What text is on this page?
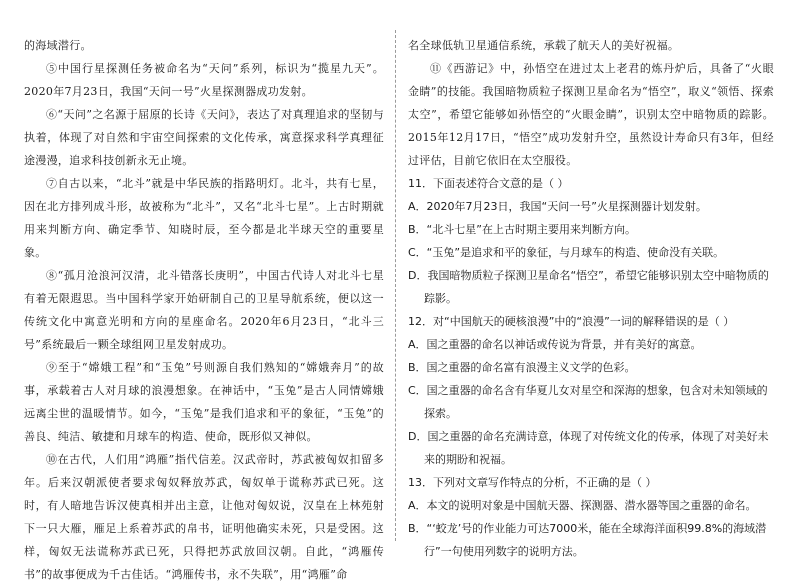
的海域潜行。

⑤中国行星探测任务被命名为“天问”系列，标识为“揽星九天”。2020年7月23日，我国“天问一号”火星探测器成功发射。

⑥“天问”之名源于屈原的长诗《天问》，表达了对真理追求的坚韧与执着，体现了对自然和宇宙空间探索的文化传承，寓意探求科学真理征途漫漫，追求科技创新永无止境。

⑦自古以来，“北斗”就是中华民族的指路明灯。北斗，共有七星，因在北方排列成斗形，故被称为“北斗”，又名“北斗七星”。上古时期就用来判断方向、确定季节、知晓时辰，至今都是北半球天空的重要星象。

⑧“孤月沧浪河汉清，北斗错落长庚明”，中国古代诗人对北斗七星有着无限遐思。当中国科学家开始研制自己的卫星导航系统，便以这一传统文化中寓意光明和方向的星座命名。2020年6月23日，“北斗三号”系统最后一颗全球组网卫星发射成功。

⑨至于“嫦娥工程”和“玉兔”号则源自我们熟知的“嫦娥奔月”的故事，承载着古人对月球的浪漫想象。在神话中，“玉兔”是古人同情嫦娥远离尘世的温暖情节。如今，“玉兔”是我们追求和平的象征，“玉兔”的善良、纯洁、敏捷和月球车的构造、使命，既形似又神似。

⑩在古代，人们用“鸿雁”指代信差。汉武帝时，苏武被匈奴扣留多年。后来汉朝派使者要求匈奴释放苏武，匈奴单于谎称苏武已死。这时，有人暗地告诉汉使真相并出主意，让他对匈奴说，汉皇在上林苑射下一只大雁，雁足上系着苏武的帛书，证明他确实未死，只是受困。这样，匈奴无法谎称苏武已死，只得把苏武放回汉朝。自此，“鸿雁传书”的故事便成为千古佳话。“鸿雁传书，永不失联”，用“鸿雁”命

名全球低轨卫星通信系统，承载了航天人的美好祝福。

⑪《西游记》中，孙悟空在进过太上老君的炼丹炉后，具备了“火眼金睛”的技能。我国暗物质粒子探测卫星命名为“悟空”，取义“领悟、探索太空”，希望它能够如孙悟空的“火眼金睛”，识别太空中暗物质的踪影。2015年12月17日，“悟空”成功发射升空，虽然设计寿命只有3年，但经过评估，目前它依旧在太空服役。

11．下面表述符合文意的是（ ）

A．2020年7月23日，我国“天问一号”火星探测器计划发射。

B．“北斗七星”在上古时期主要用来判断方向。

C．“玉兔”是追求和平的象征，与月球车的构造、使命没有关联。

D．我国暗物质粒子探测卫星命名“悟空”，希望它能够识别太空中暗物质的踪影。

12．对“中国航天的硬核浪漫”中的“浪漫”一词的解释错误的是（ ）

A．国之重器的命名以神话或传说为背景，并有美好的寓意。

B．国之重器的命名富有浪漫主义文学的色彩。

C．国之重器的命名含有华夏儿女对星空和深海的想象，包含对未知领域的探索。

D．国之重器的命名充满诗意，体现了对传统文化的传承，体现了对美好未来的期盼和祝福。

13．下列对文章写作特点的分析，不正确的是（ ）

A．本文的说明对象是中国航天器、探测器、潜水器等国之重器的命名。

B．“‘蛟龙’号的作业能力可达7000米，能在全球海洋面积99.8%的海域潜行”一句使用列数字的说明方法。
